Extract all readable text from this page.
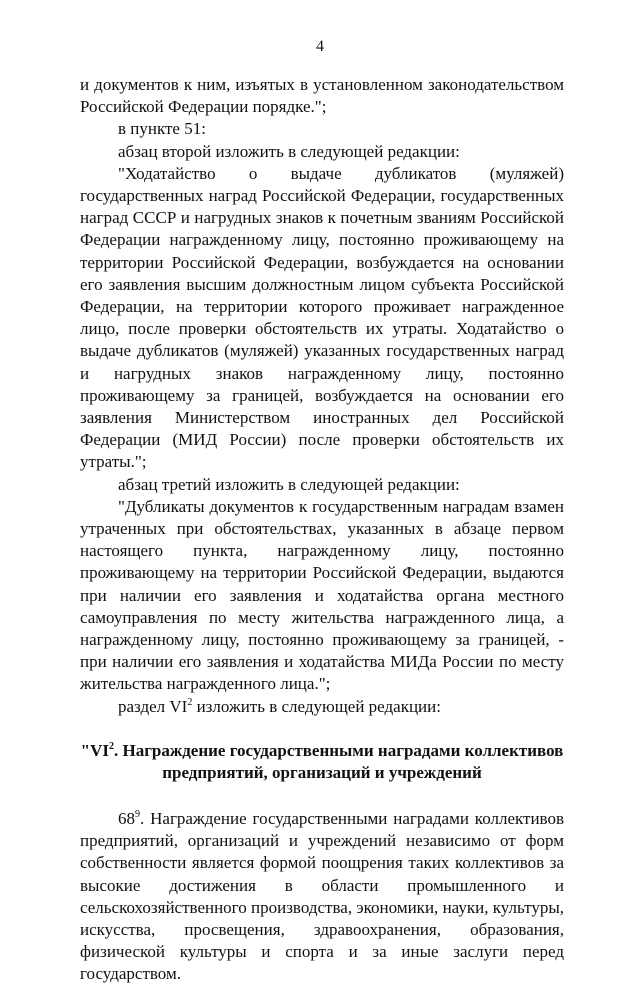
4

и документов к ним, изъятых в установленном законодательством Российской Федерации порядке.";

в пункте 51:

абзац второй изложить в следующей редакции:

"Ходатайство о выдаче дубликатов (муляжей) государственных наград Российской Федерации, государственных наград СССР и нагрудных знаков к почетным званиям Российской Федерации награжденному лицу, постоянно проживающему на территории Российской Федерации, возбуждается на основании его заявления высшим должностным лицом субъекта Российской Федерации, на территории которого проживает награжденное лицо, после проверки обстоятельств их утраты. Ходатайство о выдаче дубликатов (муляжей) указанных государственных наград и нагрудных знаков награжденному лицу, постоянно проживающему за границей, возбуждается на основании его заявления Министерством иностранных дел Российской Федерации (МИД России) после проверки обстоятельств их утраты.";

абзац третий изложить в следующей редакции:

"Дубликаты документов к государственным наградам взамен утраченных при обстоятельствах, указанных в абзаце первом настоящего пункта, награжденному лицу, постоянно проживающему на территории Российской Федерации, выдаются при наличии его заявления и ходатайства органа местного самоуправления по месту жительства награжденного лица, а награжденному лицу, постоянно проживающему за границей, - при наличии его заявления и ходатайства МИДа России по месту жительства награжденного лица.";

раздел $VI^2$ изложить в следующей редакции:

"$VI^2$. Награждение государственными наградами коллективов предприятий, организаций и учреждений

$68^9$. Награждение государственными наградами коллективов предприятий, организаций и учреждений независимо от форм собственности является формой поощрения таких коллективов за высокие достижения в области промышленного и сельскохозяйственного производства, экономики, науки, культуры, искусства, просвещения, здравоохранения, образования, физической культуры и спорта и за иные заслуги перед государством.
